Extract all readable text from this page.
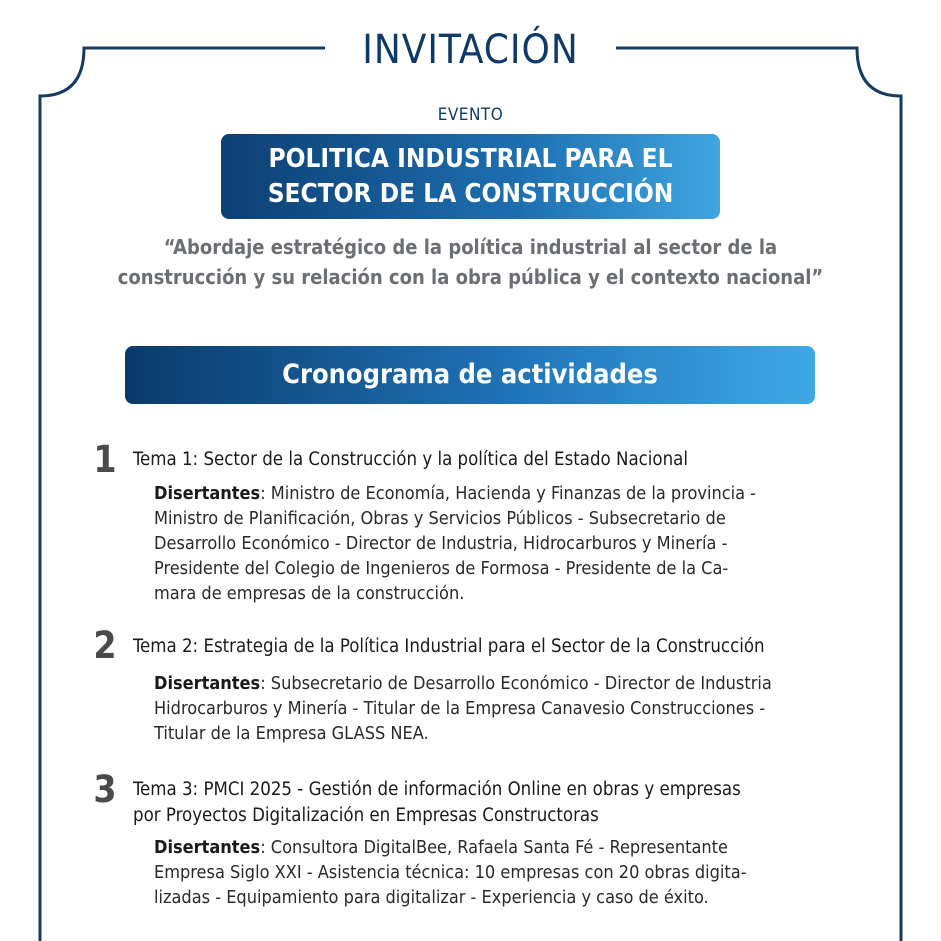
INVITACIÓN
EVENTO
POLITICA INDUSTRIAL PARA EL
SECTOR DE LA CONSTRUCCIÓN
“Abordaje estratégico de la política industrial al sector de la
construcción y su relación con la obra pública y el contexto nacional”
Cronograma de actividades
1 Tema 1: Sector de la Construcción y la política del Estado Nacional
Disertantes: Ministro de Economía, Hacienda y Finanzas de la provincia -
Ministro de Planificación, Obras y Servicios Públicos - Subsecretario de
Desarrollo Económico - Director de Industria, Hidrocarburos y Minería -
Presidente del Colegio de Ingenieros de Formosa - Presidente de la Ca-
mara de empresas de la construcción.
2 Tema 2: Estrategia de la Política Industrial para el Sector de la Construcción
Disertantes: Subsecretario de Desarrollo Económico - Director de Industria
Hidrocarburos y Minería - Titular de la Empresa Canavesio Construcciones -
Titular de la Empresa GLASS NEA.
3 Tema 3: PMCI 2025 - Gestión de información Online en obras y empresas
por Proyectos Digitalización en Empresas Constructoras
Disertantes: Consultora DigitalBee, Rafaela Santa Fé - Representante
Empresa Siglo XXI - Asistencia técnica: 10 empresas con 20 obras digita-
lizadas - Equipamiento para digitalizar - Experiencia y caso de éxito.
